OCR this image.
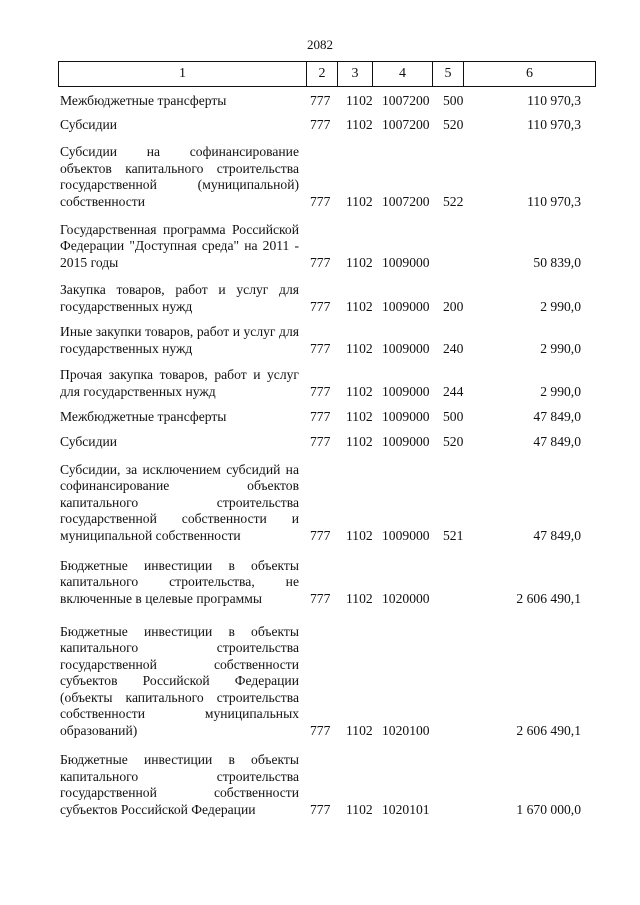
2082
1	2	3	4	5	6
Межбюджетные трансферты	777 1102 1007200 500	110 970,3
Субсидии	777 1102 1007200 520	110 970,3
Субсидии на софинансирование объектов капитального строительства государственной (муниципальной) собственности	777 1102 1007200 522	110 970,3
Государственная программа Российской Федерации "Доступная среда" на 2011 - 2015 годы	777 1102 1009000	50 839,0
Закупка товаров, работ и услуг для государственных нужд	777 1102 1009000 200	2 990,0
Иные закупки товаров, работ и услуг для государственных нужд	777 1102 1009000 240	2 990,0
Прочая закупка товаров, работ и услуг для государственных нужд	777 1102 1009000 244	2 990,0
Межбюджетные трансферты	777 1102 1009000 500	47 849,0
Субсидии	777 1102 1009000 520	47 849,0
Субсидии, за исключением субсидий на софинансирование объектов капитального строительства государственной собственности и муниципальной собственности	777 1102 1009000 521	47 849,0
Бюджетные инвестиции в объекты капитального строительства, не включенные в целевые программы	777 1102 1020000	2 606 490,1
Бюджетные инвестиции в объекты капитального строительства государственной собственности субъектов Российской Федерации (объекты капитального строительства собственности муниципальных образований)	777 1102 1020100	2 606 490,1
Бюджетные инвестиции в объекты капитального строительства государственной собственности субъектов Российской Федерации	777 1102 1020101	1 670 000,0
